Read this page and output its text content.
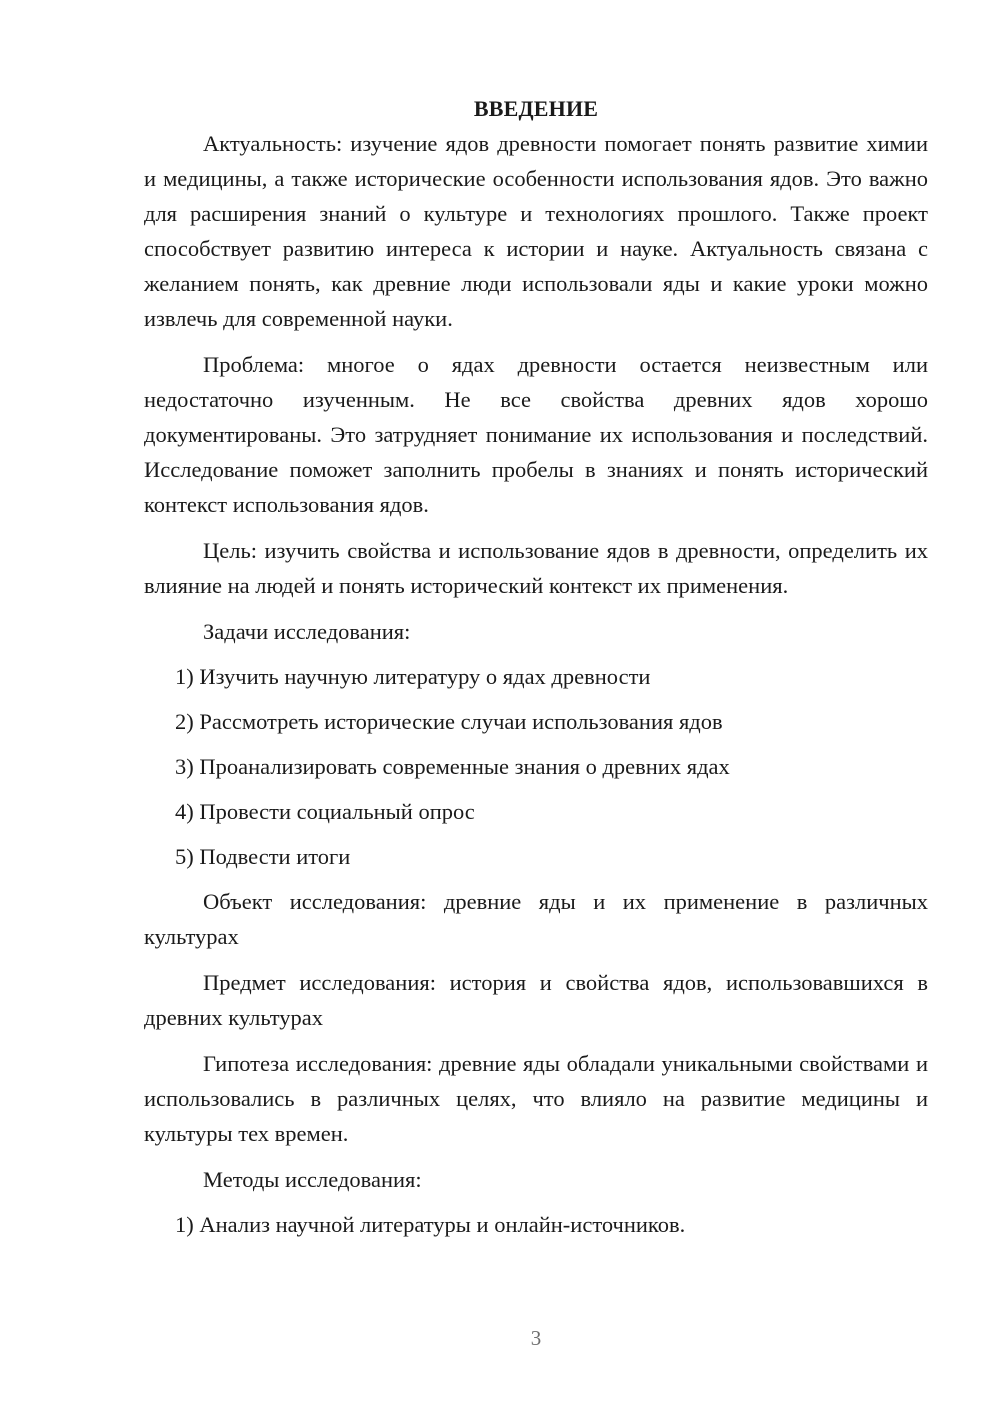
ВВЕДЕНИЕ

Актуальность: изучение ядов древности помогает понять развитие химии и медицины, а также исторические особенности использования ядов. Это важно для расширения знаний о культуре и технологиях прошлого. Также проект способствует развитию интереса к истории и науке. Актуальность связана с желанием понять, как древние люди использовали яды и какие уроки можно извлечь для современной науки.

Проблема: многое о ядах древности остается неизвестным или недостаточно изученным. Не все свойства древних ядов хорошо документированы. Это затрудняет понимание их использования и последствий. Исследование поможет заполнить пробелы в знаниях и понять исторический контекст использования ядов.

Цель: изучить свойства и использование ядов в древности, определить их влияние на людей и понять исторический контекст их применения.

Задачи исследования:

1) Изучить научную литературу о ядах древности
2) Рассмотреть исторические случаи использования ядов
3) Проанализировать современные знания о древних ядах
4) Провести социальный опрос
5) Подвести итоги

Объект исследования: древние яды и их применение в различных культурах

Предмет исследования: история и свойства ядов, использовавшихся в древних культурах

Гипотеза исследования: древние яды обладали уникальными свойствами и использовались в различных целях, что влияло на развитие медицины и культуры тех времен.

Методы исследования:

1) Анализ научной литературы и онлайн-источников.
3
